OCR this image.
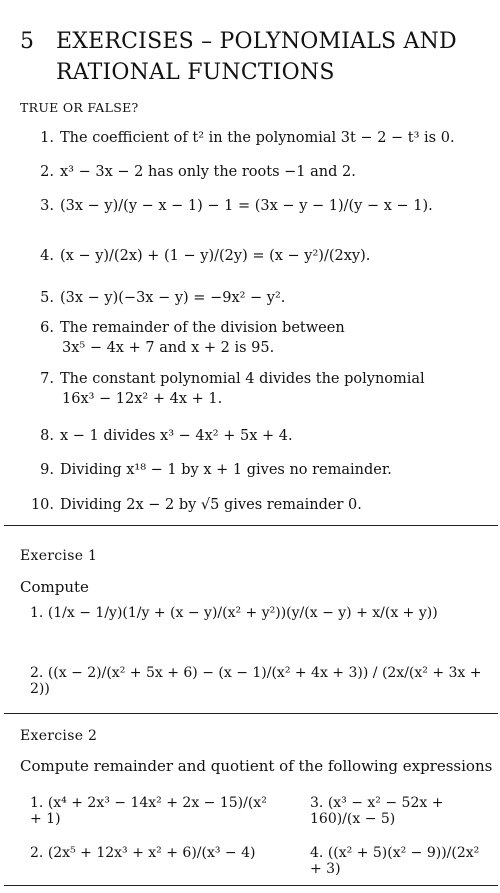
5 EXERCISES – POLYNOMIALS AND
RATIONAL FUNCTIONS
TRUE OR FALSE?
1. The coefficient of t² in the polynomial 3t − 2 − t³ is 0.
2. x³ − 3x − 2 has only the roots −1 and 2.
3. (3x − y)/(y − x − 1) − 1 = (3x − y − 1)/(y − x − 1).
4. (x − y)/(2x) + (1 − y)/(2y) = (x − y²)/(2xy).
5. (3x − y)(−3x − y) = −9x² − y².
6. The remainder of the division between
3x⁵ − 4x + 7 and x + 2 is 95.
7. The constant polynomial 4 divides the polynomial
16x³ − 12x² + 4x + 1.
8. x − 1 divides x³ − 4x² + 5x + 4.
9. Dividing x¹⁸ − 1 by x + 1 gives no remainder.
10. Dividing 2x − 2 by √5 gives remainder 0.
Exercise 1
Compute
1. (1/x − 1/y)(1/y + (x − y)/(x² + y²))(y/(x − y) + x/(x + y))
2. ((x − 2)/(x² + 5x + 6) − (x − 1)/(x² + 4x + 3)) / (2x/(x² + 3x + 2))
Exercise 2
Compute remainder and quotient of the following expressions
1. (x⁴ + 2x³ − 14x² + 2x − 15)/(x² + 1)
3. (x³ − x² − 52x + 160)/(x − 5)
2. (2x⁵ + 12x³ + x² + 6)/(x³ − 4)	4. ((x² + 5)(x² − 9))/(2x² + 3)
